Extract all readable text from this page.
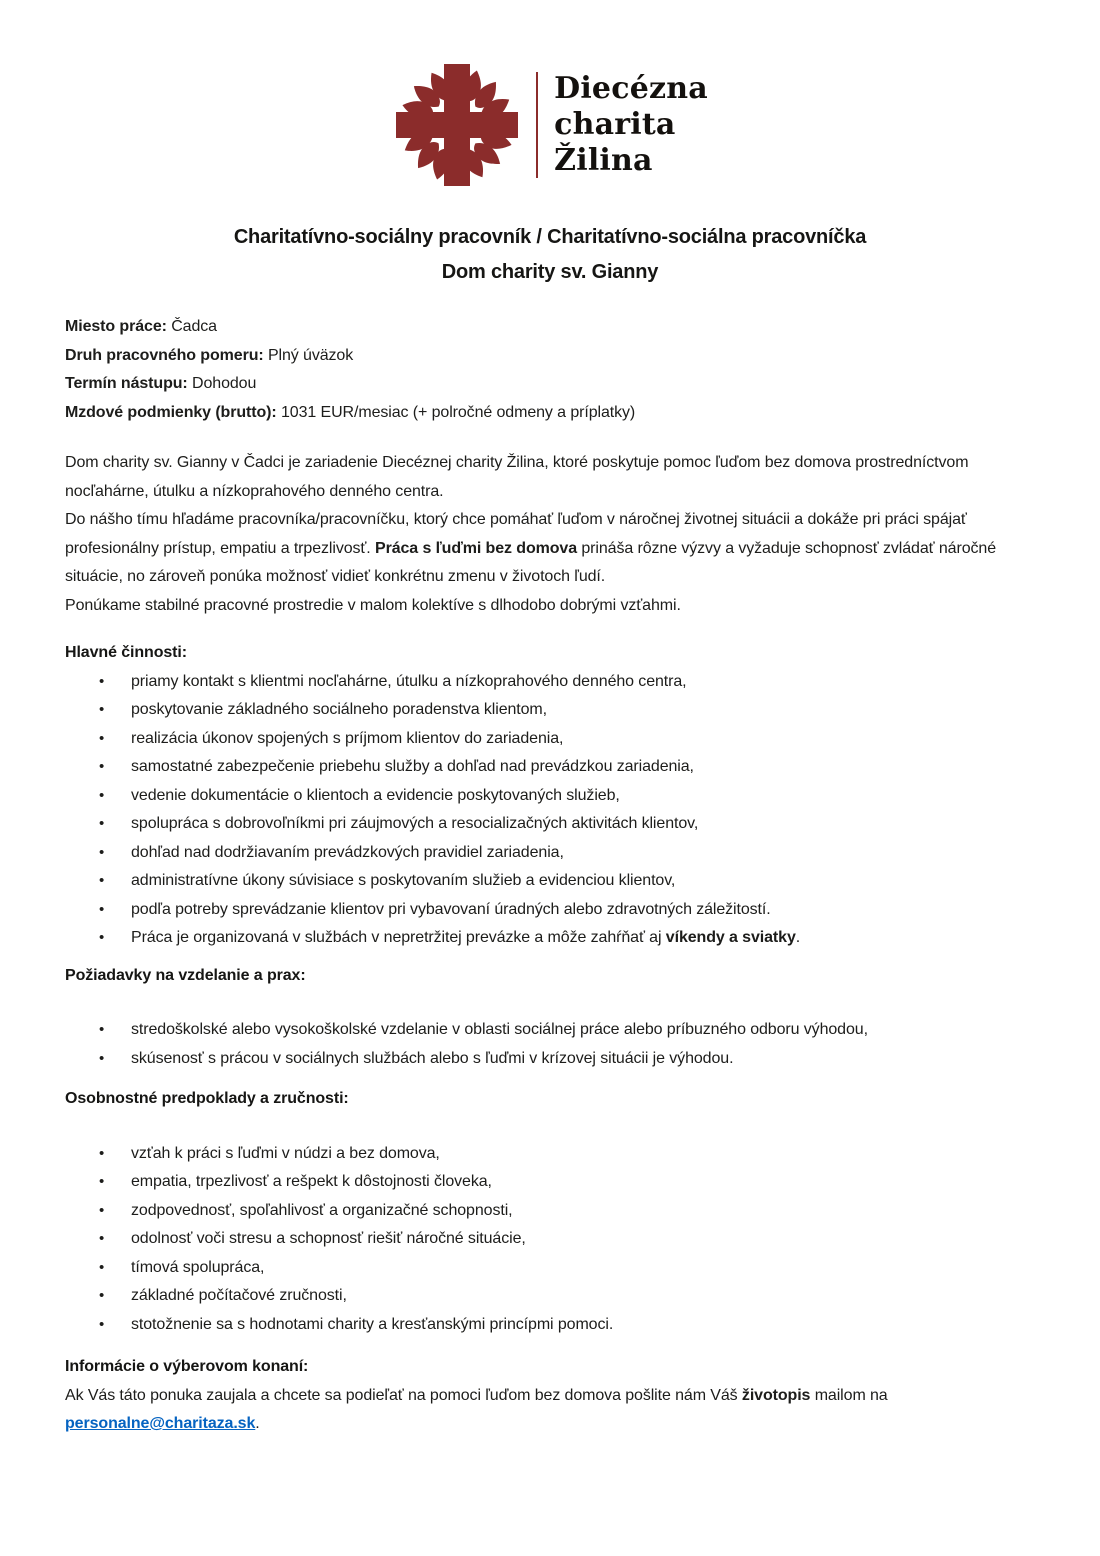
Diecézna
charita
Žilina
Charitatívno-sociálny pracovník / Charitatívno-sociálna pracovníčka
Dom charity sv. Gianny
Miesto práce: Čadca
Druh pracovného pomeru: Plný úväzok
Termín nástupu: Dohodou
Mzdové podmienky (brutto): 1031 EUR/mesiac (+ polročné odmeny a príplatky)

Dom charity sv. Gianny v Čadci je zariadenie Diecéznej charity Žilina, ktoré poskytuje pomoc ľuďom bez domova prostredníctvom nocľahárne, útulku a nízkoprahového denného centra.

Do nášho tímu hľadáme pracovníka/pracovníčku, ktorý chce pomáhať ľuďom v náročnej životnej situácii a dokáže pri práci spájať profesionálny prístup, empatiu a trpezlivosť. Práca s ľuďmi bez domova prináša rôzne výzvy a vyžaduje schopnosť zvládať náročné situácie, no zároveň ponúka možnosť vidieť konkrétnu zmenu v životoch ľudí.

Ponúkame stabilné pracovné prostredie v malom kolektíve s dlhodobo dobrými vzťahmi.

Hlavné činnosti:
• priamy kontakt s klientmi nocľahárne, útulku a nízkoprahového denného centra,
• poskytovanie základného sociálneho poradenstva klientom,
• realizácia úkonov spojených s príjmom klientov do zariadenia,
• samostatné zabezpečenie priebehu služby a dohľad nad prevádzkou zariadenia,
• vedenie dokumentácie o klientoch a evidencie poskytovaných služieb,
• spolupráca s dobrovoľníkmi pri záujmových a resocializačných aktivitách klientov,
• dohľad nad dodržiavaním prevádzkových pravidiel zariadenia,
• administratívne úkony súvisiace s poskytovaním služieb a evidenciou klientov,
• podľa potreby sprevádzanie klientov pri vybavovaní úradných alebo zdravotných záležitostí.
• Práca je organizovaná v službách v nepretržitej prevázke a môže zahŕňať aj víkendy a sviatky.
Požiadavky na vzdelanie a prax:
• stredoškolské alebo vysokoškolské vzdelanie v oblasti sociálnej práce alebo príbuzného odboru výhodou,
• skúsenosť s prácou v sociálnych službách alebo s ľuďmi v krízovej situácii je výhodou.
Osobnostné predpoklady a zručnosti:
• vzťah k práci s ľuďmi v núdzi a bez domova,
• empatia, trpezlivosť a rešpekt k dôstojnosti človeka,
• zodpovednosť, spoľahlivosť a organizačné schopnosti,
• odolnosť voči stresu a schopnosť riešiť náročné situácie,
• tímová spolupráca,
• základné počítačové zručnosti,
• stotožnenie sa s hodnotami charity a kresťanskými princípmi pomoci.
Informácie o výberovom konaní:

Ak Vás táto ponuka zaujala a chcete sa podieľať na pomoci ľuďom bez domova pošlite nám Váš životopis mailom na personalne@charitaza.sk.
